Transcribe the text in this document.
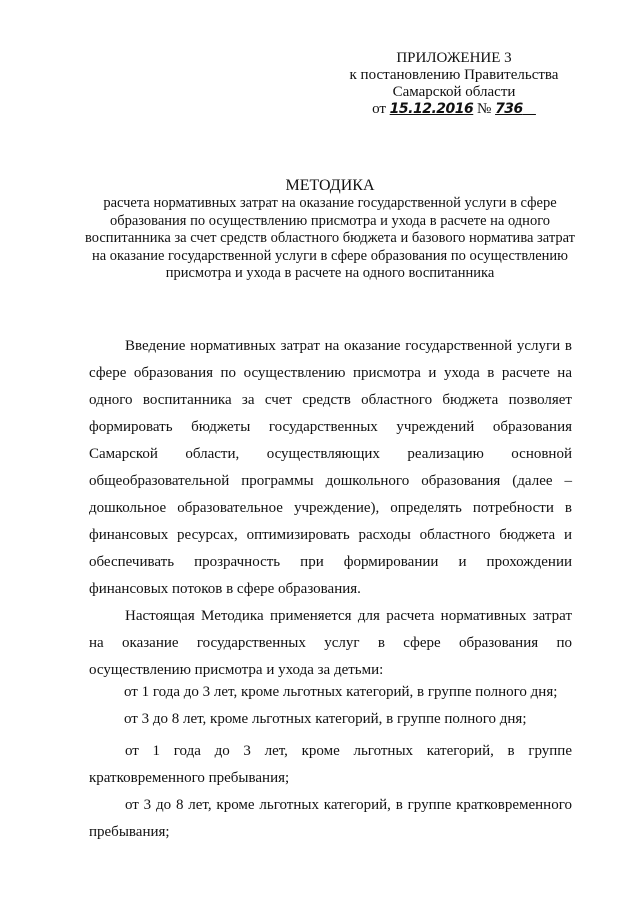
ПРИЛОЖЕНИЕ 3
к постановлению Правительства
Самарской области
от 15.12.2016 № 736
МЕТОДИКА
расчета нормативных затрат на оказание государственной услуги в сфере образования по осуществлению присмотра и ухода в расчете на одного воспитанника за счет средств областного бюджета и базового норматива затрат на оказание государственной услуги в сфере образования по осуществлению присмотра и ухода в расчете на одного воспитанника
Введение нормативных затрат на оказание государственной услуги в сфере образования по осуществлению присмотра и ухода в расчете на одного воспитанника за счет средств областного бюджета позволяет формировать бюджеты государственных учреждений образования Самарской области, осуществляющих реализацию основной общеобразовательной программы дошкольного образования (далее – дошкольное образовательное учреждение), определять потребности в финансовых ресурсах, оптимизировать расходы областного бюджета и обеспечивать прозрачность при формировании и прохождении финансовых потоков в сфере образования.
Настоящая Методика применяется для расчета нормативных затрат на оказание государственных услуг в сфере образования по осуществлению присмотра и ухода за детьми:
от 1 года до 3 лет, кроме льготных категорий, в группе полного дня;
от 3 до 8 лет, кроме льготных категорий, в группе полного дня;
от 1 года до 3 лет, кроме льготных категорий, в группе кратковременного пребывания;
от 3 до 8 лет, кроме льготных категорий, в группе кратковременного пребывания;
